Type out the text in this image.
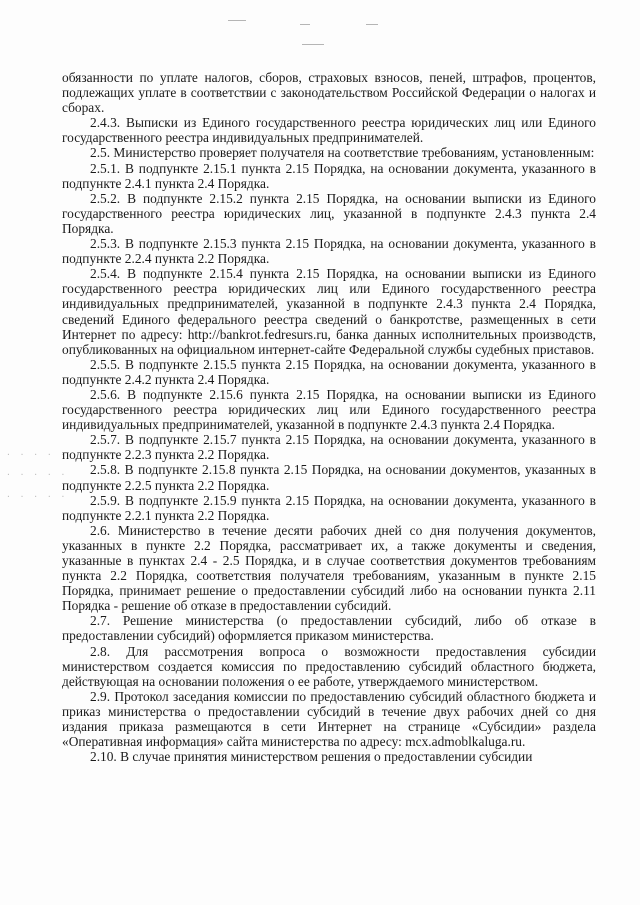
· · · · ·
· · · · ·
· · · · ·

обязанности по уплате налогов, сборов, страховых взносов, пеней, штрафов, процентов, подлежащих уплате в соответствии с законодательством Российской Федерации о налогах и сборах.

2.4.3. Выписки из Единого государственного реестра юридических лиц или Единого государственного реестра индивидуальных предпринимателей.

2.5. Министерство проверяет получателя на соответствие требованиям, установленным:

2.5.1. В подпункте 2.15.1 пункта 2.15 Порядка, на основании документа, указанного в подпункте 2.4.1 пункта 2.4 Порядка.

2.5.2. В подпункте 2.15.2 пункта 2.15 Порядка, на основании выписки из Единого государственного реестра юридических лиц, указанной в подпункте 2.4.3 пункта 2.4 Порядка.

2.5.3. В подпункте 2.15.3 пункта 2.15 Порядка, на основании документа, указанного в подпункте 2.2.4 пункта 2.2 Порядка.

2.5.4. В подпункте 2.15.4 пункта 2.15 Порядка, на основании выписки из Единого государственного реестра юридических лиц или Единого государственного реестра индивидуальных предпринимателей, указанной в подпункте 2.4.3 пункта 2.4 Порядка, сведений Единого федерального реестра сведений о банкротстве, размещенных в сети Интернет по адресу: http://bankrot.fedresurs.ru, банка данных исполнительных производств, опубликованных на официальном интернет-сайте Федеральной службы судебных приставов.

2.5.5. В подпункте 2.15.5 пункта 2.15 Порядка, на основании документа, указанного в подпункте 2.4.2 пункта 2.4 Порядка.

2.5.6. В подпункте 2.15.6 пункта 2.15 Порядка, на основании выписки из Единого государственного реестра юридических лиц или Единого государственного реестра индивидуальных предпринимателей, указанной в подпункте 2.4.3 пункта 2.4 Порядка.

2.5.7. В подпункте 2.15.7 пункта 2.15 Порядка, на основании документа, указанного в подпункте 2.2.3 пункта 2.2 Порядка.

2.5.8. В подпункте 2.15.8 пункта 2.15 Порядка, на основании документов, указанных в подпункте 2.2.5 пункта 2.2 Порядка.

2.5.9. В подпункте 2.15.9 пункта 2.15 Порядка, на основании документа, указанного в подпункте 2.2.1 пункта 2.2 Порядка.

2.6. Министерство в течение десяти рабочих дней со дня получения документов, указанных в пункте 2.2 Порядка, рассматривает их, а также документы и сведения, указанные в пунктах 2.4 - 2.5 Порядка, и в случае соответствия документов требованиям пункта 2.2 Порядка, соответствия получателя требованиям, указанным в пункте 2.15 Порядка, принимает решение о предоставлении субсидий либо на основании пункта 2.11 Порядка - решение об отказе в предоставлении субсидий.

2.7. Решение министерства (о предоставлении субсидий, либо об отказе в предоставлении субсидий) оформляется приказом министерства.

2.8. Для рассмотрения вопроса о возможности предоставления субсидии министерством создается комиссия по предоставлению субсидий областного бюджета, действующая на основании положения о ее работе, утверждаемого министерством.

2.9. Протокол заседания комиссии по предоставлению субсидий областного бюджета и приказ министерства о предоставлении субсидий в течение двух рабочих дней со дня издания приказа размещаются в сети Интернет на странице «Субсидии» раздела «Оперативная информация» сайта министерства по адресу: mcx.admoblkaluga.ru.

2.10. В случае принятия министерством решения о предоставлении субсидии
